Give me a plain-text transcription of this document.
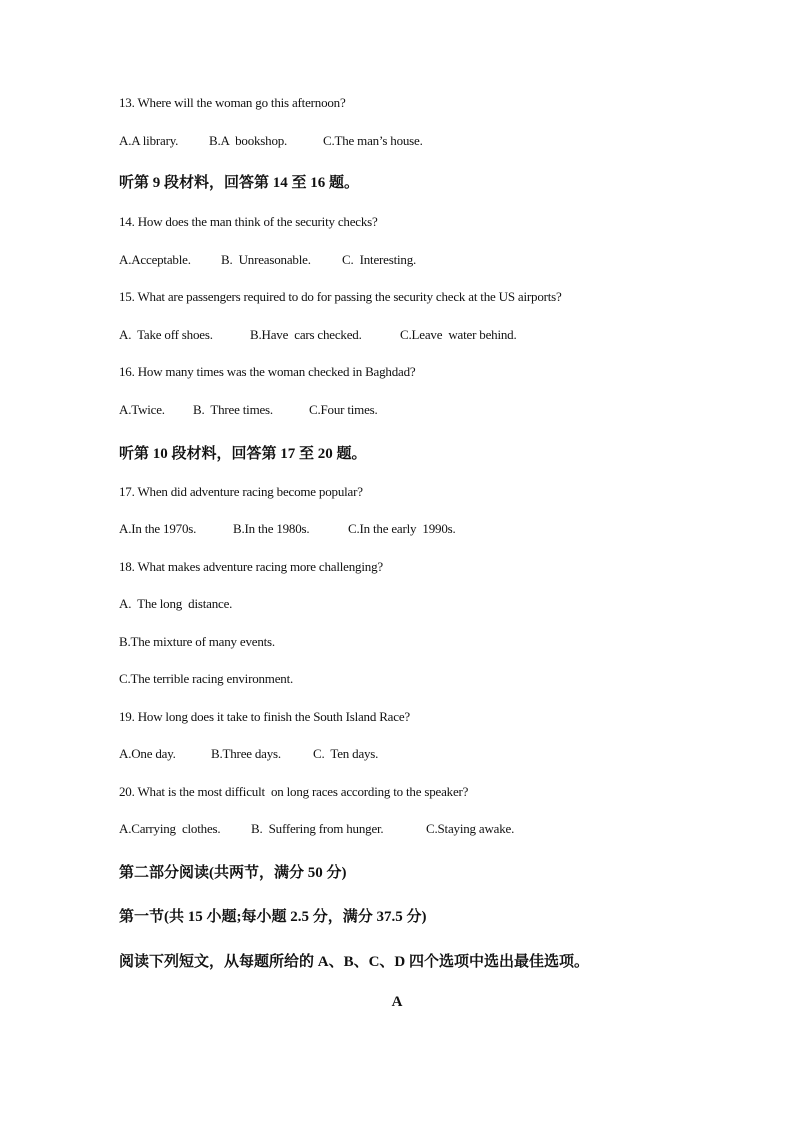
13. Where will the woman go this afternoon?
A.A library. B.A  bookshop.	C.The man’s house.
听第 9 段材料，回答第 14 至 16 题。
14. How does the man think of the security checks?
A.Acceptable. B.  Unreasonable. C.  Interesting.
15. What are passengers required to do for passing the security check at the US airports?
A.  Take off shoes.	B.Have  cars checked.	C.Leave  water behind.
16. How many times was the woman checked in Baghdad?
A.Twice. B.  Three times.	C.Four times.
听第 10 段材料，回答第 17 至 20 题。
17. When did adventure racing become popular?
A.In the 1970s.	B.In the 1980s.	C.In the early  1990s.
18. What makes adventure racing more challenging?
A.  The long  distance.
B.The mixture of many events.
C.The terrible racing environment.
19. How long does it take to finish the South Island Race?
A.One day.	B.Three days. C.  Ten days.
20. What is the most difficult  on long races according to the speaker?
A.Carrying  clothes. B.  Suffering from hunger.	C.Staying awake.
第二部分阅读(共两节，满分 50 分)
第一节(共 15 小题;每小题 2.5 分，满分 37.5 分)
阅读下列短文，从每题所给的 A、B、C、D 四个选项中选出最佳选项。
A
